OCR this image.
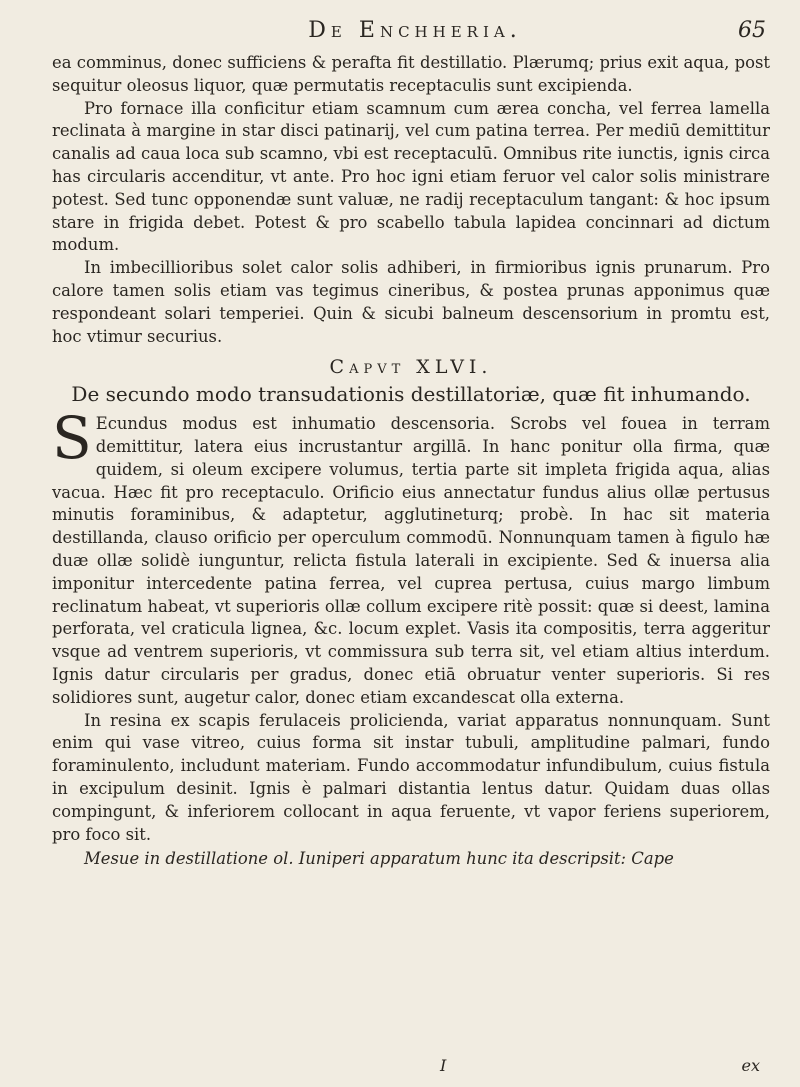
De Enchheria.	65

ea comminus, donec sufficiens & perafta fit destillatio. Plærumq; prius exit aqua, post sequitur oleosus liquor, quæ permutatis receptaculis sunt excipienda.

Pro fornace illa conficitur etiam scamnum cum ærea concha, vel ferrea lamella reclinata à margine in star disci patinarij, vel cum patina terrea. Per mediū demittitur canalis ad caua loca sub scamno, vbi est receptaculū. Omnibus rite iunctis, ignis circa has circularis accenditur, vt ante. Pro hoc igni etiam feruor vel calor solis ministrare potest. Sed tunc opponendæ sunt valuæ, ne radij receptaculum tangant: & hoc ipsum stare in frigida debet. Potest & pro scabello tabula lapidea concinnari ad dictum modum.

In imbecillioribus solet calor solis adhiberi, in firmioribus ignis prunarum. Pro calore tamen solis etiam vas tegimus cineribus, & postea prunas apponimus quæ respondeant solari temperiei. Quin & sicubi balneum descensorium in promtu est, hoc vtimur securius.

Capvt XLVI.
De secundo modo transudationis destillatoriæ, quæ fit inhumando.

S Ecundus modus est inhumatio descensoria. Scrobs vel fouea in terram demittitur, latera eius incrustantur argillā. In hanc ponitur olla firma, quæ quidem, si oleum excipere volumus, tertia parte sit impleta frigida aqua, alias vacua. Hæc fit pro receptaculo. Orificio eius annectatur fundus alius ollæ pertusus minutis foraminibus, & adaptetur, agglutineturq; probè. In hac sit materia destillanda, clauso orificio per operculum commodū. Nonnunquam tamen à figulo hæ duæ ollæ solidè iunguntur, relicta fistula laterali in excipiente. Sed & inuersa alia imponitur intercedente patina ferrea, vel cuprea pertusa, cuius margo limbum reclinatum habeat, vt superioris ollæ collum excipere ritè possit: quæ si deest, lamina perforata, vel craticula lignea, &c. locum explet. Vasis ita compositis, terra aggeritur vsque ad ventrem superioris, vt commissura sub terra sit, vel etiam altius interdum. Ignis datur circularis per gradus, donec etiā obruatur venter superioris. Si res solidiores sunt, augetur calor, donec etiam excandescat olla externa.

In resina ex scapis ferulaceis prolicienda, variat apparatus nonnunquam. Sunt enim qui vase vitreo, cuius forma sit instar tubuli, amplitudine palmari, fundo foraminulento, includunt materiam. Fundo accommodatur infundibulum, cuius fistula in excipulum desinit. Ignis è palmari distantia lentus datur. Quidam duas ollas compingunt, & inferiorem collocant in aqua feruente, vt vapor feriens superiorem, pro foco sit.

Mesue in destillatione ol. Iuniperi apparatum hunc ita descripsit: Cape

I	ex
